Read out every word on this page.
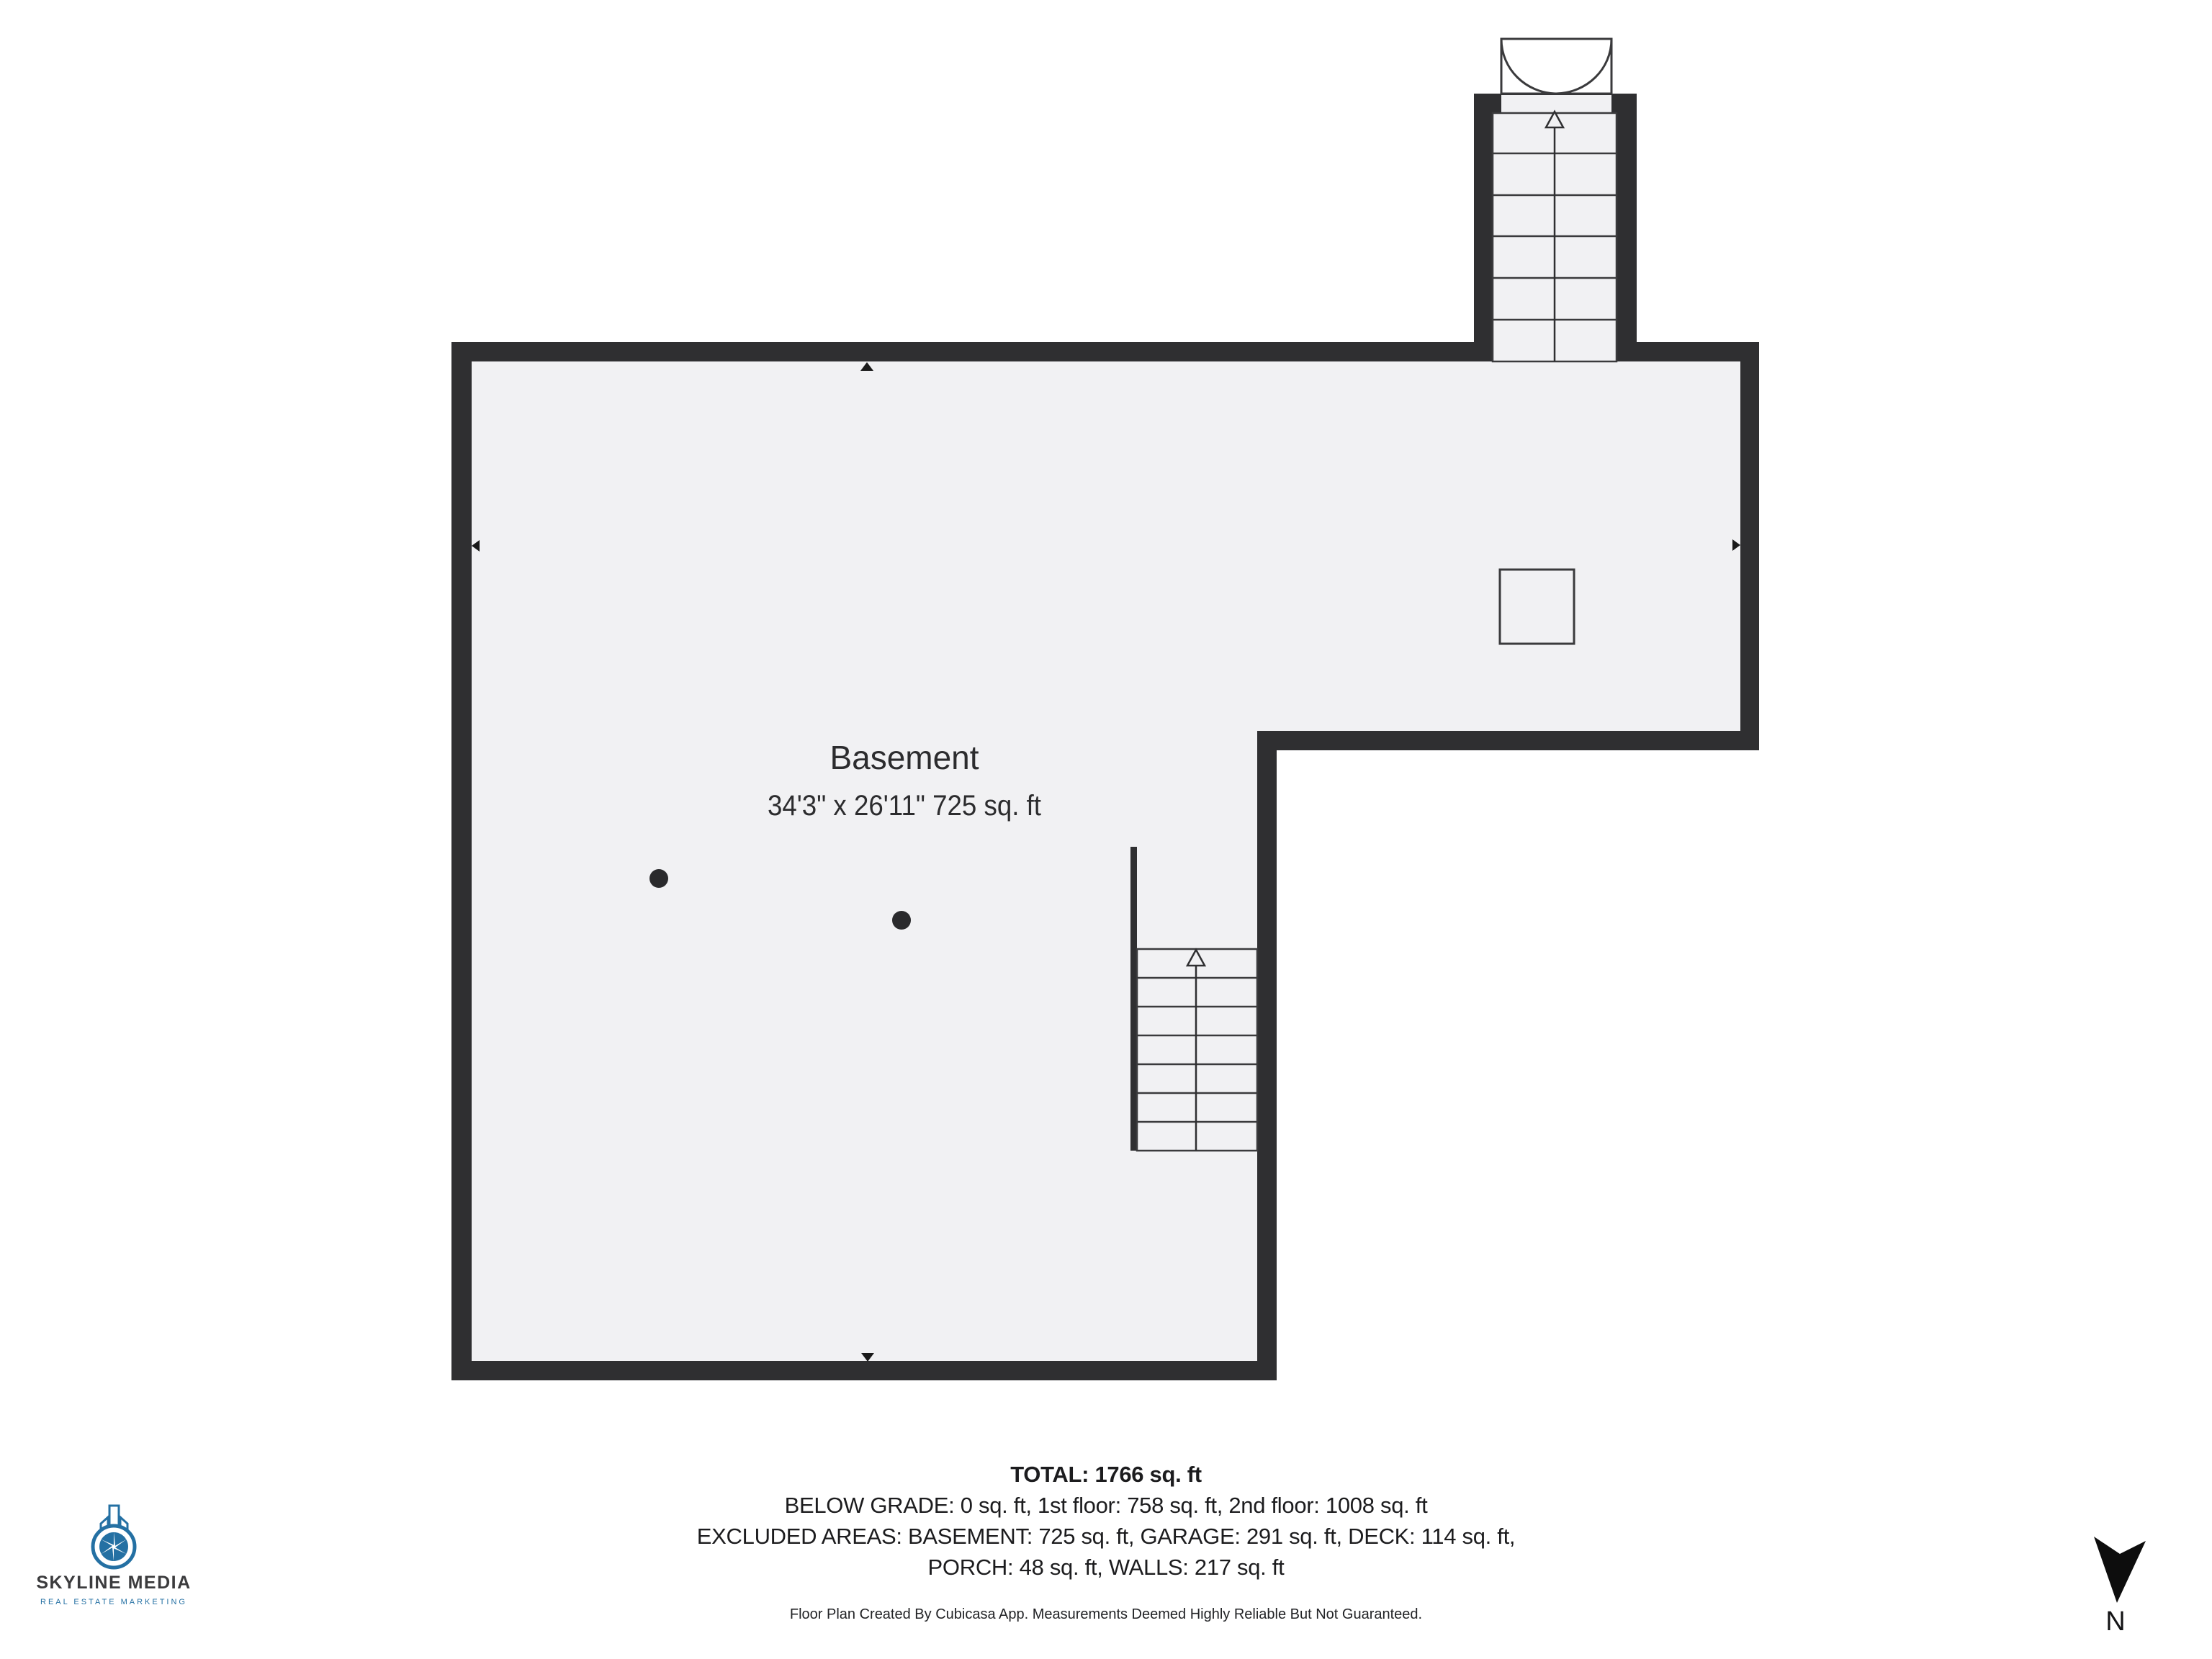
Basement
34'3" x 26'11" 725 sq. ft
SKYLINE MEDIA
REAL ESTATE MARKETING
N
TOTAL: 1766 sq. ft
BELOW GRADE: 0 sq. ft, 1st floor: 758 sq. ft, 2nd floor: 1008 sq. ft
EXCLUDED AREAS: BASEMENT: 725 sq. ft, GARAGE: 291 sq. ft, DECK: 114 sq. ft,
PORCH: 48 sq. ft, WALLS: 217 sq. ft
Floor Plan Created By Cubicasa App. Measurements Deemed Highly Reliable But Not Guaranteed.
